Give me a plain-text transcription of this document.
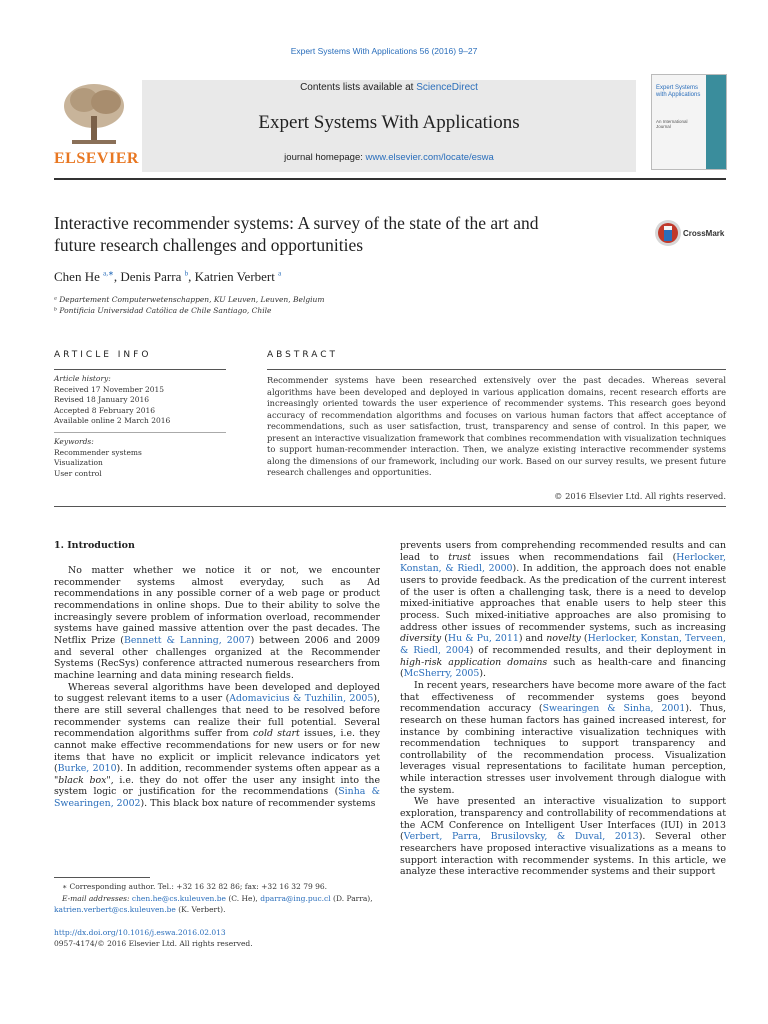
Expert Systems With Applications 56 (2016) 9–27
ELSEVIER
Contents lists available at ScienceDirect
Expert Systems With Applications
journal homepage: www.elsevier.com/locate/eswa
Expert Systems with Applications
An International Journal
Interactive recommender systems: A survey of the state of the art and
future research challenges and opportunities
CrossMark
Chen He $^{a,∗}$, Denis Parra $^b$, Katrien Verbert $^a$
ᵃ Departement Computerwetenschappen, KU Leuven, Leuven, Belgium
ᵇ Pontificia Universidad Católica de Chile Santiago, Chile
ARTICLE INFO
Article history:
Received 17 November 2015
Revised 18 January 2016
Accepted 8 February 2016
Available online 2 March 2016
Keywords:
Recommender systems
Visualization
User control
ABSTRACT
Recommender systems have been researched extensively over the past decades. Whereas several algorithms have been developed and deployed in various application domains, recent research efforts are increasingly oriented towards the user experience of recommender systems. This research goes beyond accuracy of recommendation algorithms and focuses on various human factors that affect acceptance of recommendations, such as user satisfaction, trust, transparency and sense of control. In this paper, we present an interactive visualization framework that combines recommendation with visualization techniques to support human-recommender interaction. Then, we analyze existing interactive recommender systems along the dimensions of our framework, including our work. Based on our survey results, we present future research challenges and opportunities.
© 2016 Elsevier Ltd. All rights reserved.
1. Introduction

No matter whether we notice it or not, we encounter recommender systems almost everyday, such as Ad recommendations in any possible corner of a web page or product recommendations in online shops. Due to their ability to solve the increasingly severe problem of information overload, recommender systems have gained massive attention over the past decades. The Netflix Prize (Bennett & Lanning, 2007) between 2006 and 2009 and several other challenges organized at the Recommender Systems (RecSys) conference attracted numerous researchers from machine learning and data mining research fields.

Whereas several algorithms have been developed and deployed to suggest relevant items to a user (Adomavicius & Tuzhilin, 2005), there are still several challenges that need to be resolved before recommender systems can realize their full potential. Several recommendation algorithms suffer from cold start issues, i.e. they cannot make effective recommendations for new users or for new items that have no explicit or implicit relevance indicators yet (Burke, 2010). In addition, recommender systems often appear as a "black box", i.e. they do not offer the user any insight into the system logic or justification for the recommendations (Sinha & Swearingen, 2002). This black box nature of recommender systems

∗ Corresponding author. Tel.: +32 16 32 82 86; fax: +32 16 32 79 96.
E-mail addresses: chen.he@cs.kuleuven.be (C. He), dparra@ing.puc.cl (D. Parra),
katrien.verbert@cs.kuleuven.be (K. Verbert).
http://dx.doi.org/10.1016/j.eswa.2016.02.013
0957-4174/© 2016 Elsevier Ltd. All rights reserved.

prevents users from comprehending recommended results and can lead to trust issues when recommendations fail (Herlocker, Konstan, & Riedl, 2000). In addition, the approach does not enable users to provide feedback. As the predication of the current interest of the user is often a challenging task, there is a need to develop mixed-initiative approaches that enable users to help steer this process. Such mixed-initiative approaches are also promising to address other issues of recommender systems, such as increasing diversity (Hu & Pu, 2011) and novelty (Herlocker, Konstan, Terveen, & Riedl, 2004) of recommended results, and their deployment in high-risk application domains such as health-care and financing (McSherry, 2005).

In recent years, researchers have become more aware of the fact that effectiveness of recommender systems goes beyond recommendation accuracy (Swearingen & Sinha, 2001). Thus, research on these human factors has gained increased interest, for instance by combining interactive visualization techniques with recommendation techniques to support transparency and controllability of the recommendation process. Visualization leverages visual representations to facilitate human perception, while interaction stresses user involvement through dialogue with the system.

We have presented an interactive visualization to support exploration, transparency and controllability of recommendations at the ACM Conference on Intelligent User Interfaces (IUI) in 2013 (Verbert, Parra, Brusilovsky, & Duval, 2013). Several other researchers have proposed interactive visualizations as a means to support interaction with recommender systems. In this article, we analyze these interactive recommender systems and their support
